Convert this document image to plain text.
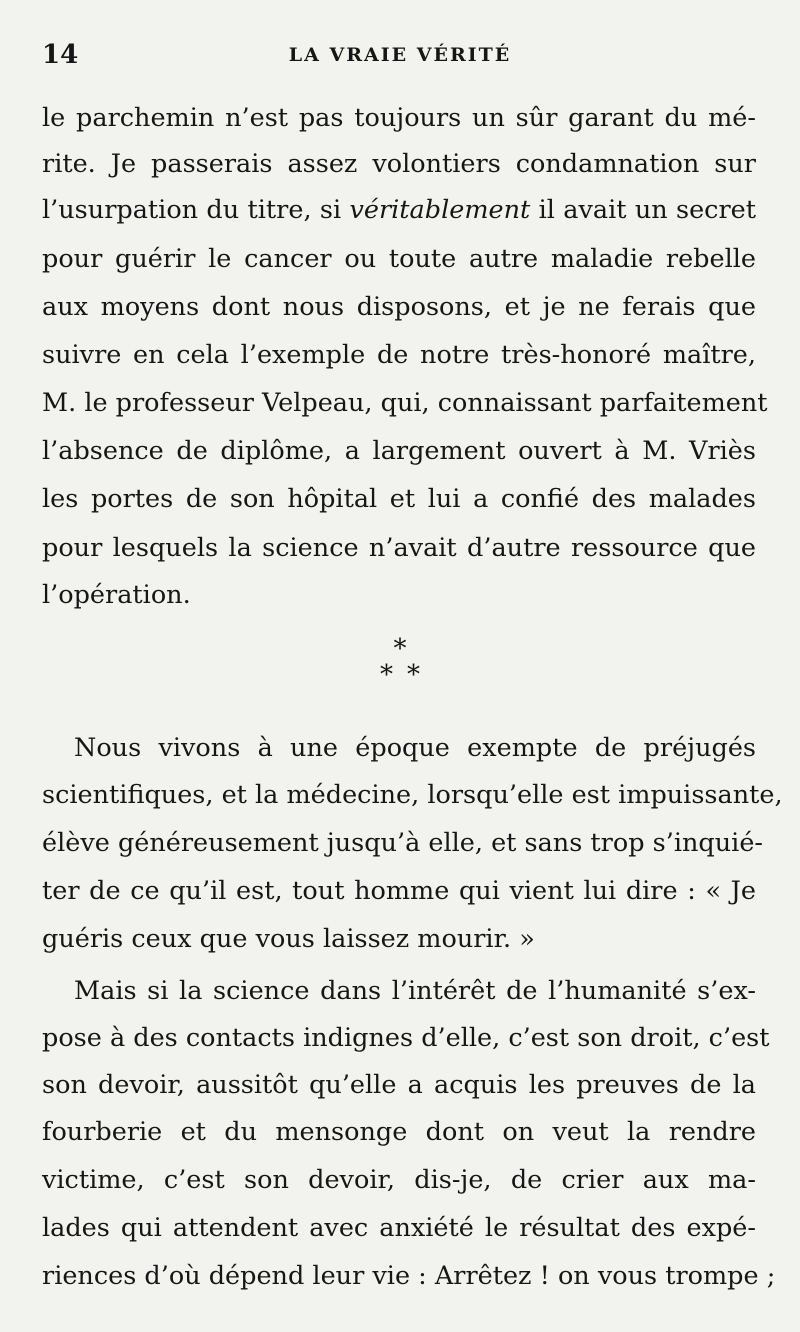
14	LA VRAIE VÉRITÉ
le parchemin n’est pas toujours un sûr garant du mé-
rite. Je passerais assez volontiers condamnation sur
l’usurpation du titre, si véritablement il avait un secret
pour guérir le cancer ou toute autre maladie rebelle
aux moyens dont nous disposons, et je ne ferais que
suivre en cela l’exemple de notre très-honoré maître,
M. le professeur Velpeau, qui, connaissant parfaitement
l’absence de diplôme, a largement ouvert à M. Vriès
les portes de son hôpital et lui a confié des malades
pour lesquels la science n’avait d’autre ressource que
l’opération.
*
**
Nous vivons à une époque exempte de préjugés
scientifiques, et la médecine, lorsqu’elle est impuissante,
élève généreusement jusqu’à elle, et sans trop s’inquié-
ter de ce qu’il est, tout homme qui vient lui dire : « Je
guéris ceux que vous laissez mourir. »
Mais si la science dans l’intérêt de l’humanité s’ex-
pose à des contacts indignes d’elle, c’est son droit, c’est
son devoir, aussitôt qu’elle a acquis les preuves de la
fourberie et du mensonge dont on veut la rendre
victime, c’est son devoir, dis-je, de crier aux ma-
lades qui attendent avec anxiété le résultat des expé-
riences d’où dépend leur vie : Arrêtez ! on vous trompe ;
